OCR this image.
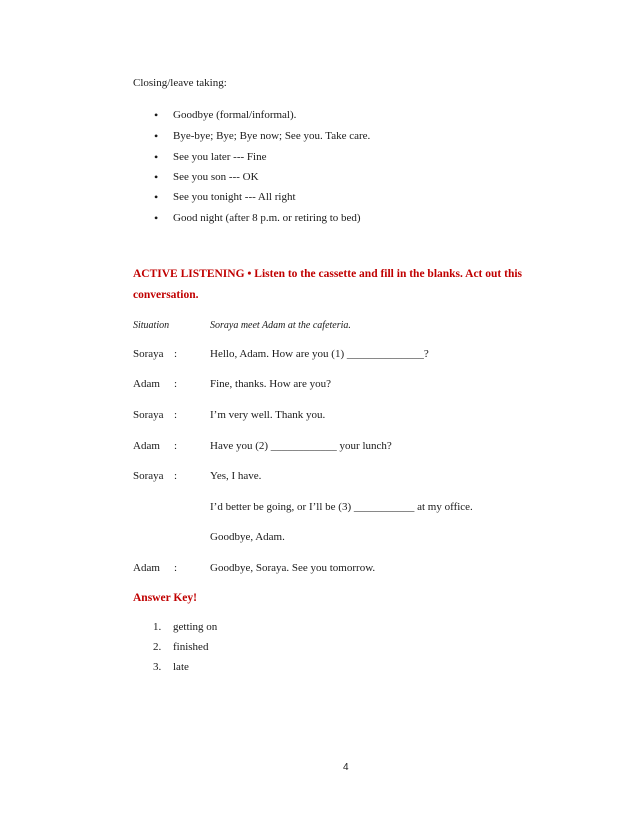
Closing/leave taking:
• Goodbye (formal/informal).
• Bye-bye; Bye; Bye now; See you. Take care.
• See you later --- Fine
• See you son --- OK
• See you tonight --- All right
• Good night (after 8 p.m. or retiring to bed)
ACTIVE LISTENING • Listen to the cassette and fill in the blanks. Act out this
conversation.
Situation	Soraya meet Adam at the cafeteria.
Soraya :	Hello, Adam. How are you (1) ______________?
Adam :	Fine, thanks. How are you?
Soraya :	I’m very well. Thank you.
Adam :	Have you (2) ____________ your lunch?
Soraya :	Yes, I have.
I’d better be going, or I’ll be (3) ___________ at my office.
Goodbye, Adam.
Adam :	Goodbye, Soraya. See you tomorrow.
Answer Key!
1. getting on
2. finished
3. late
4
